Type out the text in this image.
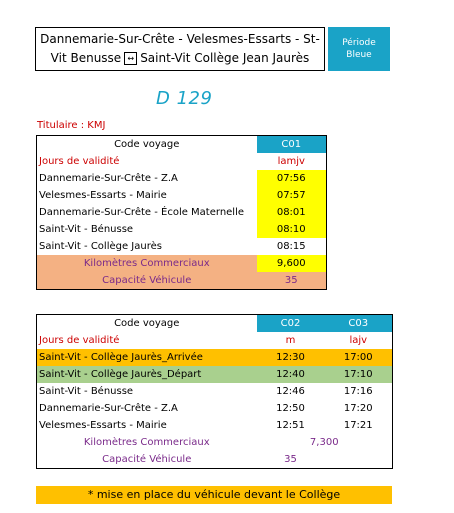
Dannemarie-Sur-Crête - Velesmes-Essarts - St-
Vit Benusse ↔ Saint-Vit Collège Jean Jaurès
Période
Bleue
D 129
Titulaire : KMJ
Code voyage	C01
Jours de validité	lamjv
Dannemarie-Sur-Crête - Z.A	07:56
Velesmes-Essarts - Mairie	07:57
Dannemarie-Sur-Crête - École Maternelle	08:01
Saint-Vit - Bénusse	08:10
Saint-Vit - Collège Jaurès	08:15
Kilomètres Commerciaux	9,600
Capacité Véhicule	35
Code voyage	C02	C03
Jours de validité	m	lajv
Saint-Vit - Collège Jaurès_Arrivée	12:30	17:00
Saint-Vit - Collège Jaurès_Départ	12:40	17:10
Saint-Vit - Bénusse	12:46	17:16
Dannemarie-Sur-Crête - Z.A	12:50	17:20
Velesmes-Essarts - Mairie	12:51	17:21
Kilomètres Commerciaux	7,300	
Capacité Véhicule	35	
* mise en place du véhicule devant le Collège
